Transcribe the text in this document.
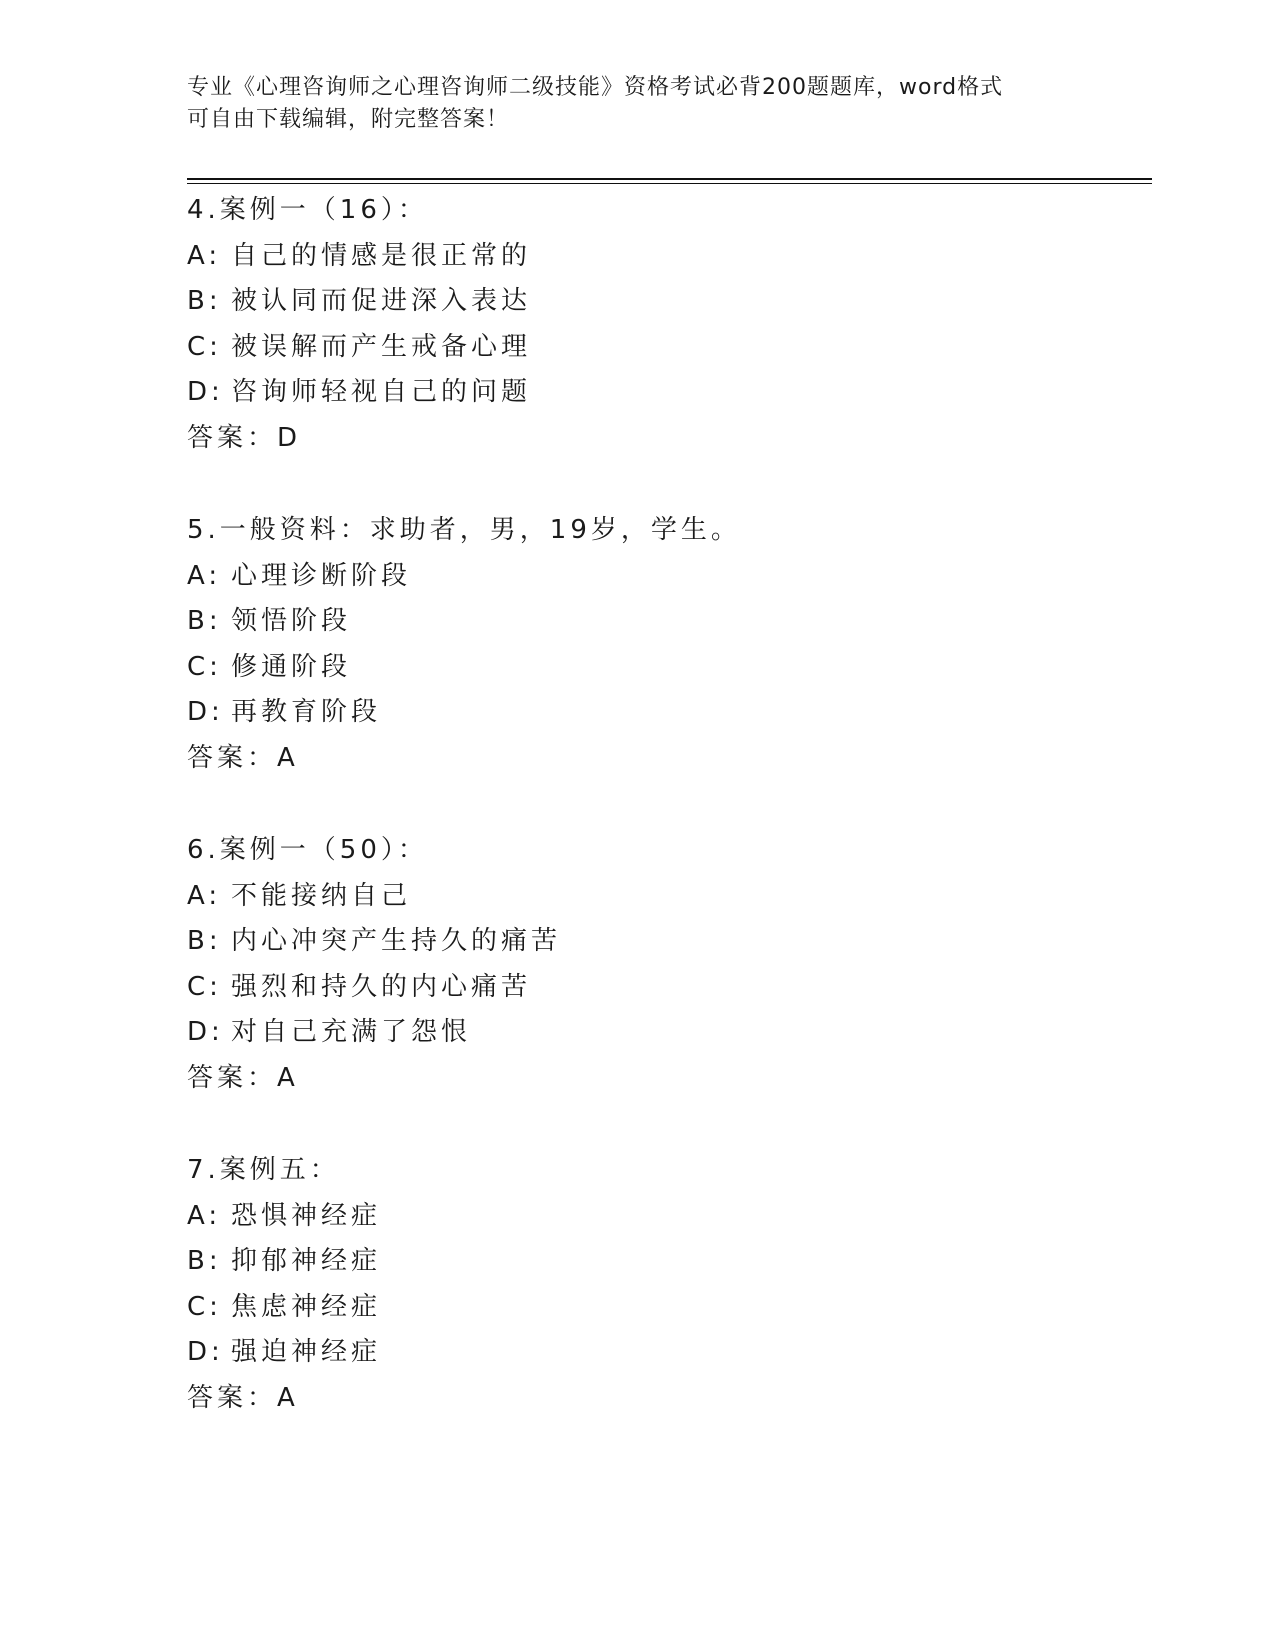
专业《心理咨询师之心理咨询师二级技能》资格考试必背200题题库，word格式
可自由下载编辑，附完整答案！
4.案例一（16）：
A: 自己的情感是很正常的
B: 被认同而促进深入表达
C: 被误解而产生戒备心理
D: 咨询师轻视自己的问题
答案：D
5.一般资料：求助者，男，19岁，学生。
A: 心理诊断阶段
B: 领悟阶段
C: 修通阶段
D: 再教育阶段
答案：A
6.案例一（50）：
A: 不能接纳自己
B: 内心冲突产生持久的痛苦
C: 强烈和持久的内心痛苦
D: 对自己充满了怨恨
答案：A
7.案例五：
A: 恐惧神经症
B: 抑郁神经症
C: 焦虑神经症
D: 强迫神经症
答案：A
